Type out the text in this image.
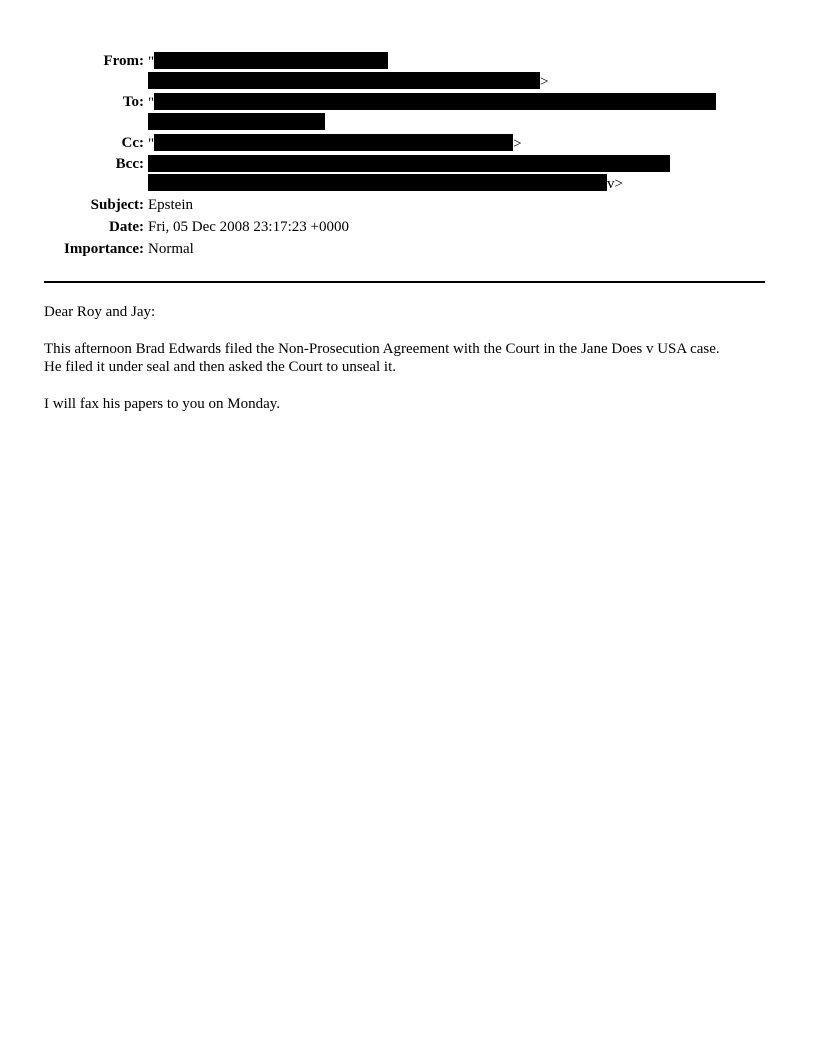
From: "
>
To: "
Cc: "	>
Bcc:
v>
Subject: Epstein
Date: Fri, 05 Dec 2008 23:17:23 +0000
Importance: Normal
Dear Roy and Jay:
This afternoon Brad Edwards filed the Non-Prosecution Agreement with the Court in the Jane Does v USA case.
He filed it under seal and then asked the Court to unseal it.
I will fax his papers to you on Monday.
